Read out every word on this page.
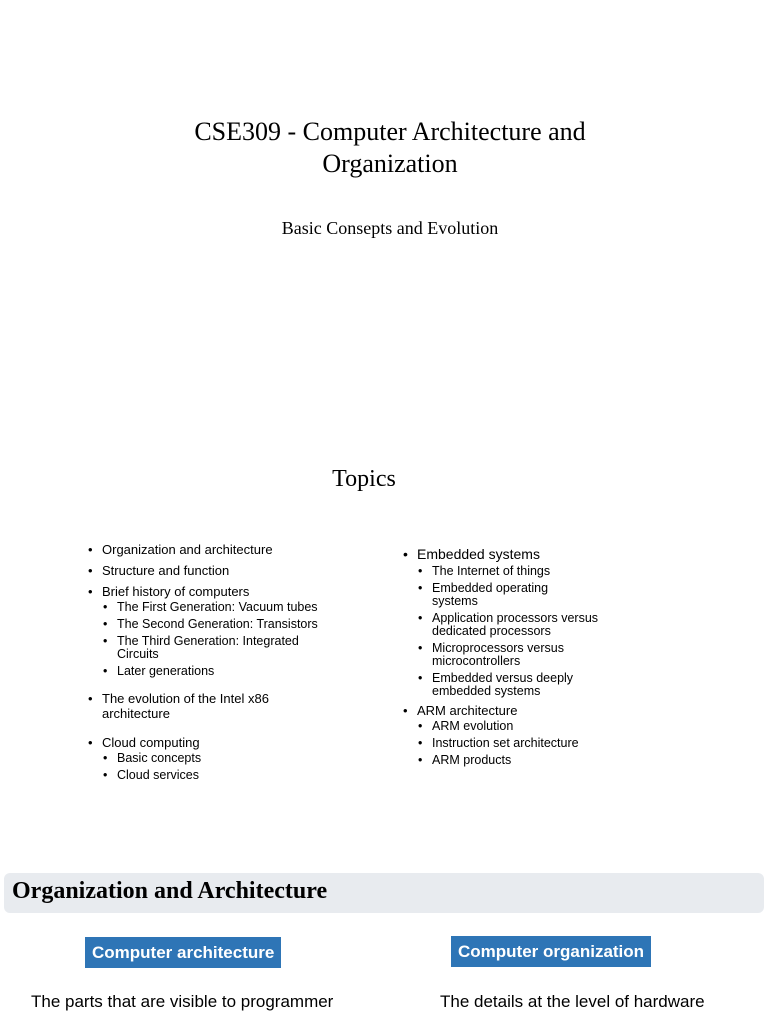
CSE309 - Computer Architecture and
Organization
Basic Consepts and Evolution
Topics
• Organization and architecture
• Structure and function
• Brief history of computers
• The First Generation: Vacuum tubes
• The Second Generation: Transistors
• The Third Generation: Integrated Circuits
• Later generations
• The evolution of the Intel x86 architecture
• Cloud computing
• Basic concepts
• Cloud services
• Embedded systems
• The Internet of things
• Embedded operating systems
• Application processors versus dedicated processors
• Microprocessors versus microcontrollers
• Embedded versus deeply embedded systems
• ARM architecture
• ARM evolution
• Instruction set architecture
• ARM products
Organization and Architecture
Computer architecture	Computer organization
The parts that are visible to programmer	The details at the level of hardware
